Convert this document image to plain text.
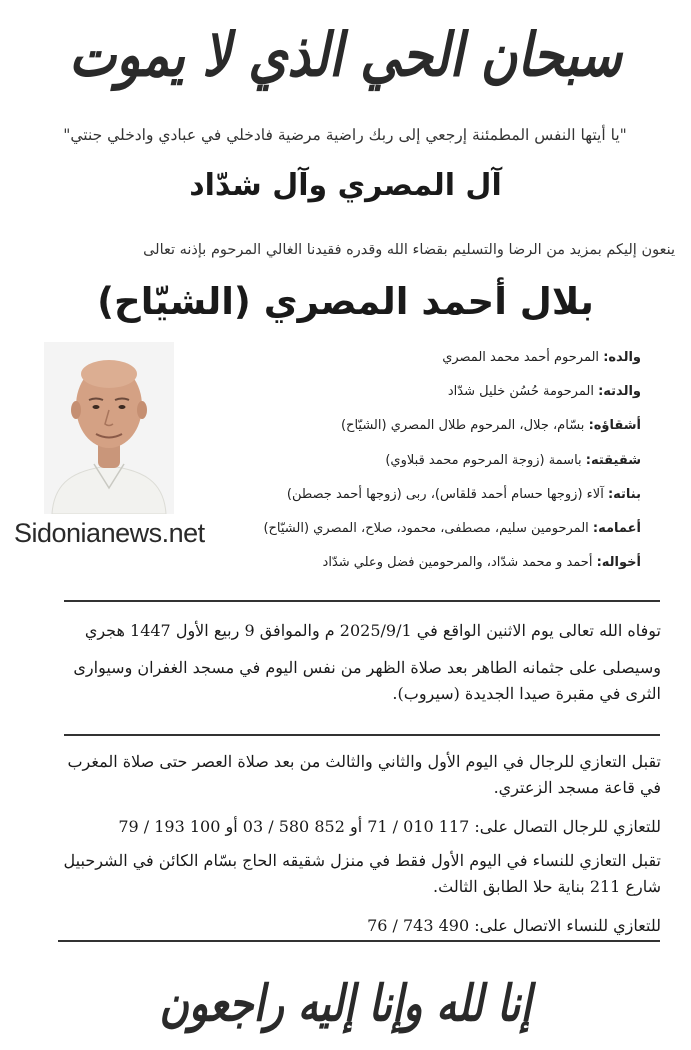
سبحان الحي الذي لا يموت
"يا أيتها النفس المطمئنة إرجعي إلى ربك راضية مرضية فادخلي في عبادي وادخلي جنتي"
آل المصري وآل شدّاد
ينعون إليكم بمزيد من الرضا والتسليم بقضاء الله وقدره فقيدنا الغالي المرحوم بإذنه تعالى
بلال أحمد المصري (الشيّاح)
Sidonianews.net
والده:

المرحوم أحمد محمد المصري
والدته:

المرحومة حُسُن خليل شدّاد
أشقاؤه:

بسّام، جلال، المرحوم طلال المصري (الشيّاح)
شقيقته:

باسمة (زوجة المرحوم محمد قبلاوي)
بناته:

آلاء (زوجها حسام أحمد قلقاس)، ربى (زوجها أحمد جصطن)
أعمامه:

المرحومين سليم، مصطفى، محمود، صلاح، المصري (الشيّاح)
أخواله:

أحمد و محمد شدّاد، والمرحومين فضل وعلي شدّاد
توفاه الله تعالى يوم الاثنين الواقع في 2025/9/1 م والموافق 9 ربيع الأول 1447 هجري
وسيصلى على جثمانه الطاهر بعد صلاة الظهر من نفس اليوم في مسجد الغفران وسيوارى الثرى في مقبرة صيدا الجديدة (سيروب).
تقبل التعازي للرجال في اليوم الأول والثاني والثالث من بعد صلاة العصر حتى صلاة المغرب في قاعة مسجد الزعتري.
للتعازي للرجال التصال على: 117 010 / 71 أو 852 580 / 03 أو 100 193 / 79
تقبل التعازي للنساء في اليوم الأول فقط في منزل شقيقه الحاج بسّام الكائن في الشرحبيل شارع 211 بناية حلا الطابق الثالث.
للتعازي للنساء الاتصال على: 490 743 / 76
إنا لله وإنا إليه راجعون
